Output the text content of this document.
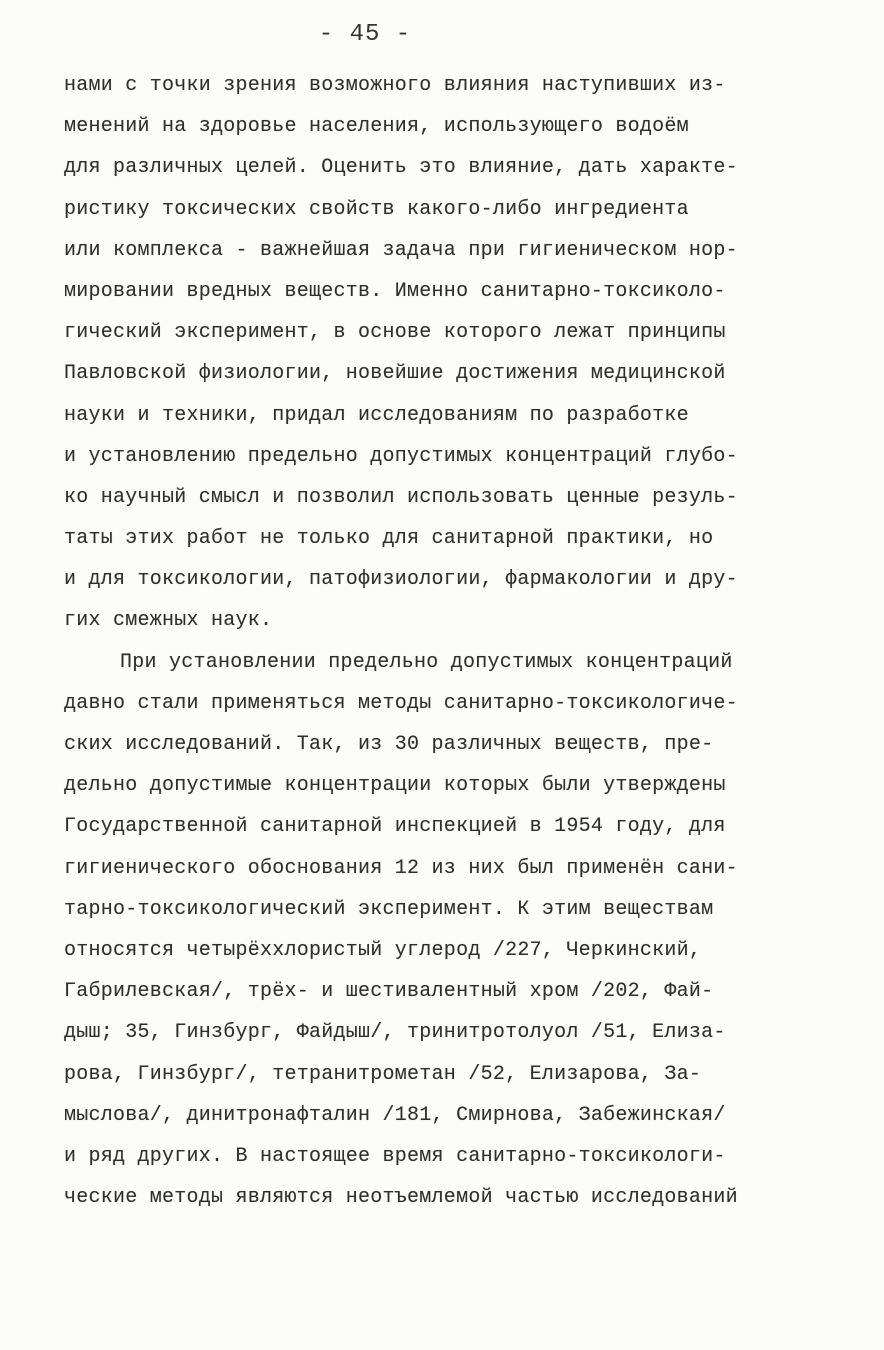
- 45 -
нами с точки зрения возможного влияния наступивших из-
менений на здоровье населения, использующего водоём
для различных целей. Оценить это влияние, дать характе-
ристику токсических свойств какого-либо ингредиента
или комплекса - важнейшая задача при гигиеническом нор-
мировании вредных веществ. Именно санитарно-токсиколо-
гический эксперимент, в основе которого лежат принципы
Павловской физиологии, новейшие достижения медицинской
науки и техники, придал исследованиям по разработке
и установлению предельно допустимых концентраций глубо-
ко научный смысл и позволил использовать ценные резуль-
таты этих работ не только для санитарной практики, но
и для токсикологии, патофизиологии, фармакологии и дру-
гих смежных наук.
При установлении предельно допустимых концентраций
давно стали применяться методы санитарно-токсикологиче-
ских исследований. Так, из 30 различных веществ, пре-
дельно допустимые концентрации которых были утверждены
Государственной санитарной инспекцией в 1954 году, для
гигиенического обоснования 12 из них был применён сани-
тарно-токсикологический эксперимент. К этим веществам
относятся четырёххлористый углерод /227, Черкинский,
Габрилевская/, трёх- и шестивалентный хром /202, Фай-
дыш; 35, Гинзбург, Файдыш/, тринитротолуол /51, Елиза-
рова, Гинзбург/, тетранитрометан /52, Елизарова, За-
мыслова/, динитронафталин /181, Смирнова, Забежинская/
и ряд других. В настоящее время санитарно-токсикологи-
ческие методы являются неотъемлемой частью исследований
